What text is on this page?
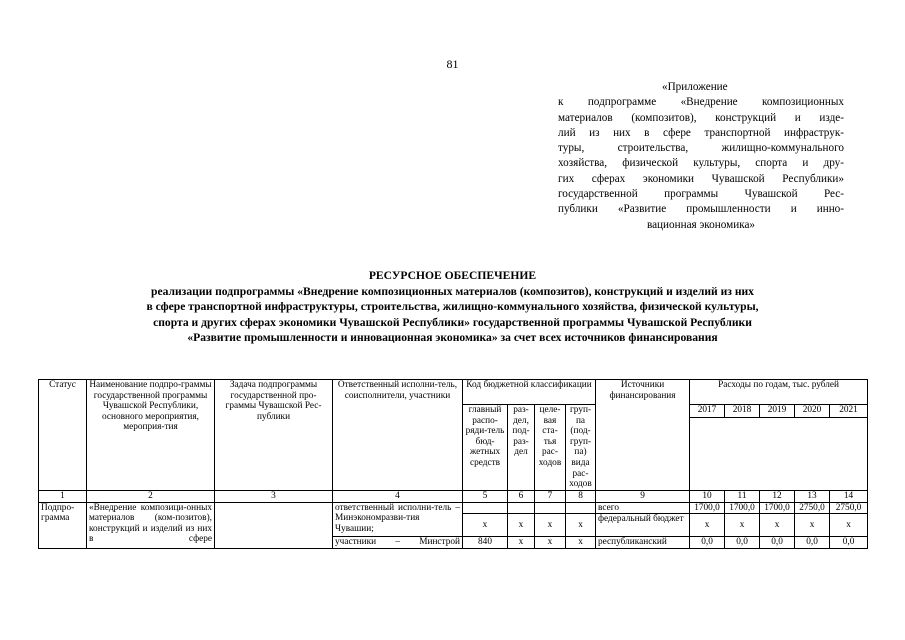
81
«Приложение
к подпрограмме «Внедрение композиционных
материалов (композитов), конструкций и изде-
лий из них в сфере транспортной инфраструк-
туры, строительства, жилищно-коммунального
хозяйства, физической культуры, спорта и дру-
гих сферах экономики Чувашской Республики»
государственной программы Чувашской Рес-
публики «Развитие промышленности и инно-
вационная экономика»
РЕСУРСНОЕ ОБЕСПЕЧЕНИЕ
реализации подпрограммы «Внедрение композиционных материалов (композитов), конструкций и изделий из них
в сфере транспортной инфраструктуры, строительства, жилищно-коммунального хозяйства, физической культуры,
спорта и других сферах экономики Чувашской Республики» государственной программы Чувашской Республики
«Развитие промышленности и инновационная экономика» за счет всех источников финансирования
Статус	Наименование подпро-граммы государственной программы Чувашской Республики, основного мероприятия, мероприя-тия	Задача подпрограммы государственной про-граммы Чувашской Рес-публики	Ответственный исполни-тель, соисполнители, участники	Код бюджетной классификации				Источники финансирования	Расходы по годам, тыс. рублей				
				главный распо-ряди-тель бюд-жетных средств	раз-дел, под-раз-дел	целе-вая ста-тья рас-ходов	груп-па (под-груп-па) вида рас-ходов		2017	2018	2019	2020	2021

1	2	3	4	5	6	7	8	9	10	11	12	13	14
Подпро-грамма	«Внедрение композици-онных материалов (ком-позитов), конструкций и изделий из них в сфере		ответственный исполни-тель – Минэкономразви-тия Чувашии;					всего	1700,0	1700,0	1700,0	2750,0	2750,0
				x	x	x	x	федеральный бюджет	x	x	x	x	x
			участники – Минстрой	840	x	x	x	республиканский	0,0	0,0	0,0	0,0	0,0
